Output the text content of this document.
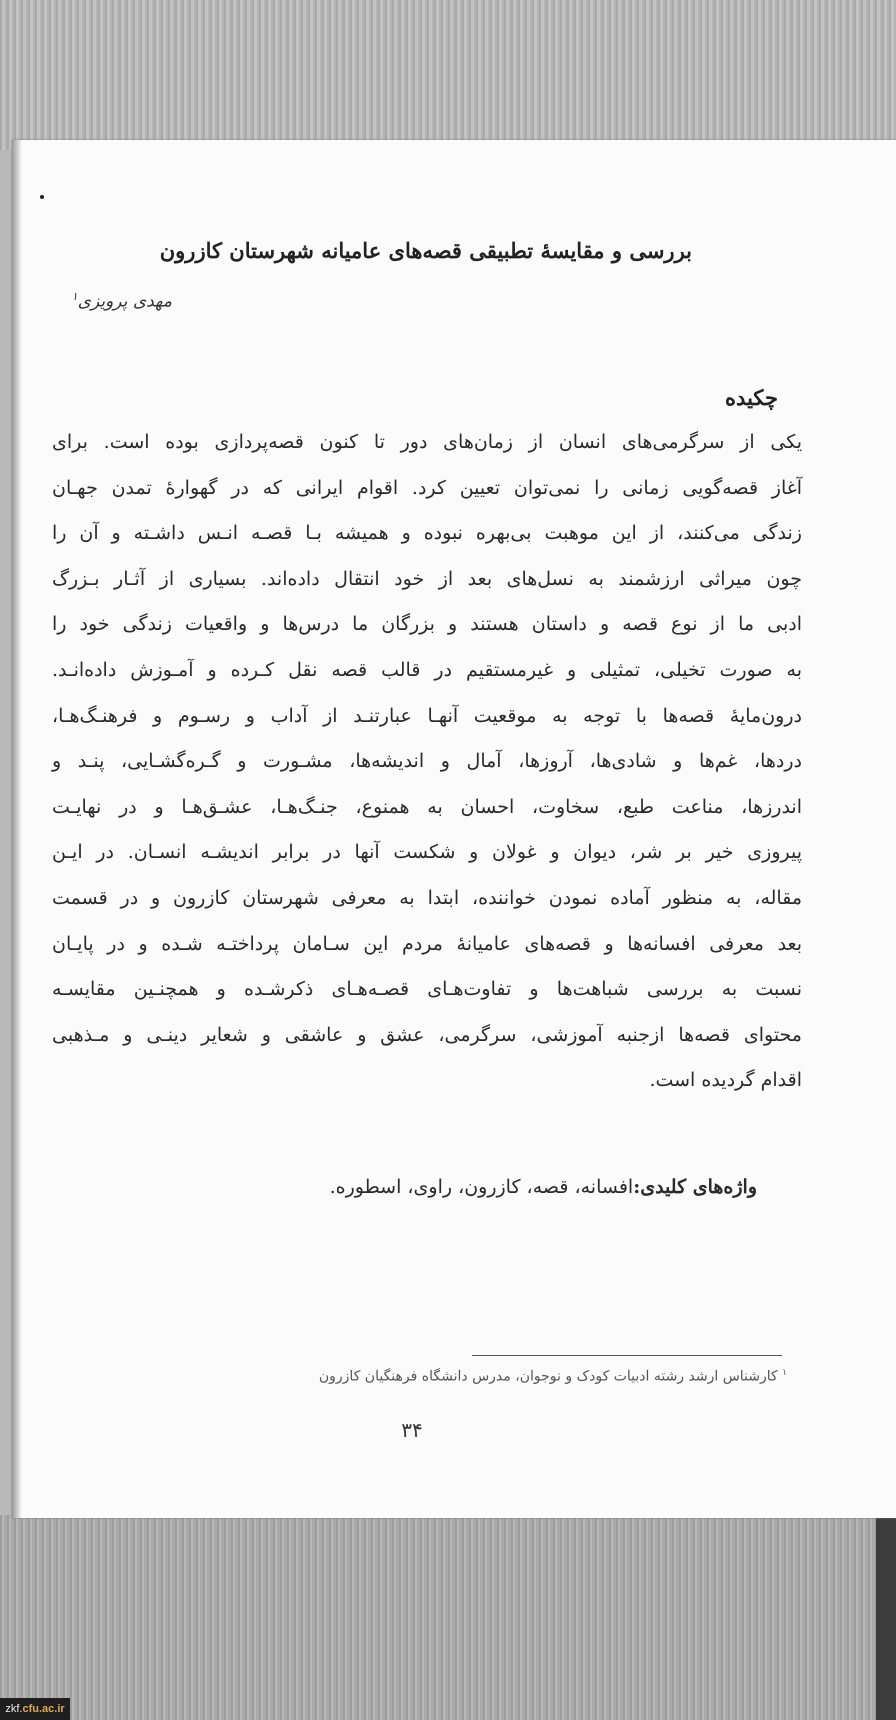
بررسی و مقایسهٔ تطبیقی قصه‌های عامیانه شهرستان کازرون
مهدی پرویزی$^۱$
چکیده
یکی از سرگرمی‌های انسان از زمان‌های دور تا کنون قصه‌پردازی بوده است. برای
آغاز قصه‌گویی زمانی را نمی‌توان تعیین کرد. اقوام ایرانی که در گهوارهٔ تمدن جهـان
زندگی می‌کنند، از این موهبت بی‌بهره نبوده و همیشه بـا قصـه انـس داشـته و آن را
چون میراثی ارزشمند به نسل‌های بعد از خود انتقال داده‌اند. بسیاری از آثـار بـزرگ
ادبی ما از نوع قصه و داستان هستند و بزرگان ما درس‌ها و واقعیات زندگی خود را
به صورت تخیلی، تمثیلی و غیرمستقیم در قالب قصه نقل کـرده و آمـوزش داده‌انـد.
درون‌مایهٔ قصه‌ها با توجه به موقعیت آنهـا عبارتنـد از آداب و رسـوم و فرهنـگ‌هـا،
دردها، غم‌ها و شادی‌ها، آروزها، آمال و اندیشه‌ها، مشـورت و گـره‌گشـایی، پنـد و
اندرزها، مناعت طبع، سخاوت، احسان به همنوع، جنـگ‌هـا، عشـق‌هـا و در نهایـت
پیروزی خیر بر شر، دیوان و غولان و شکست آنها در برابر اندیشـه انسـان. در ایـن
مقاله، به منظور آماده نمودن خواننده، ابتدا به معرفی شهرستان کازرون و در قسمت
بعد معرفی افسانه‌ها و قصه‌های عامیانهٔ مردم این سـامان پرداختـه شـده و در پایـان
نسبت به بررسی شباهت‌ها و تفاوت‌هـای قصـه‌هـای ذکرشـده و همچنـین مقایسـه
محتوای قصه‌ها ازجنبه آموزشی، سرگرمی، عشق و عاشقی و شعایر دینـی و مـذهبی
اقدام گردیده است.
واژه‌های کلیدی:افسانه، قصه، کازرون، راوی، اسطوره.
$^۱$ کارشناس ارشد رشته ادبیات کودک و نوجوان، مدرس دانشگاه فرهنگیان کازرون
۳۴
zkf. cfu.ac.ir
